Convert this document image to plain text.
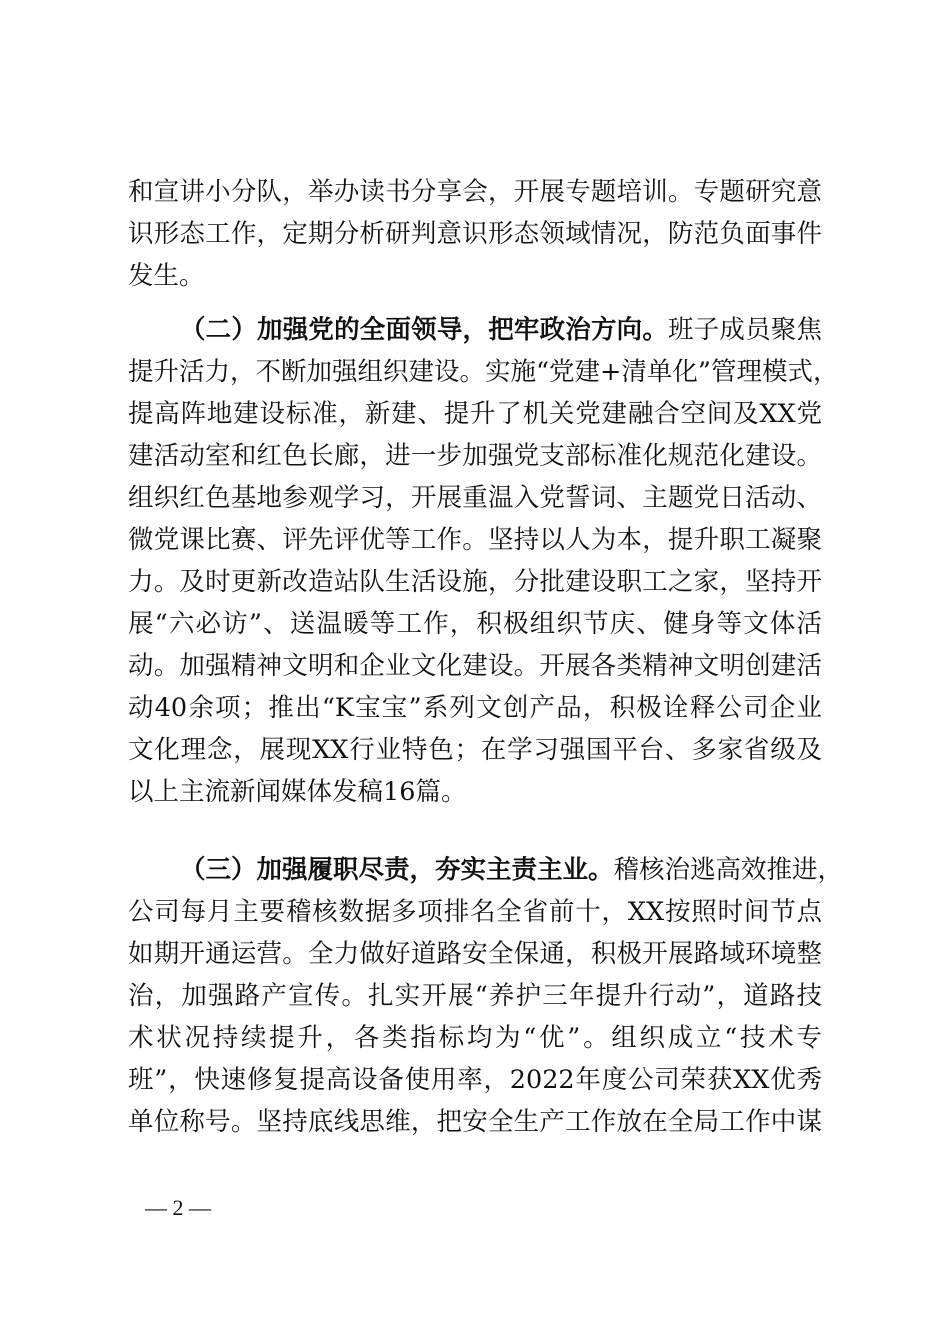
和宣讲小分队，举办读书分享会，开展专题培训。专题研究意
识形态工作，定期分析研判意识形态领域情况，防范负面事件
发生。
（二）加强党的全面领导，把牢政治方向。班子成员聚焦
提升活力，不断加强组织建设。实施“党建+清单化”管理模式，
提高阵地建设标准，新建、提升了机关党建融合空间及XX党
建活动室和红色长廊，进一步加强党支部标准化规范化建设。
组织红色基地参观学习，开展重温入党誓词、主题党日活动、
微党课比赛、评先评优等工作。坚持以人为本，提升职工凝聚
力。及时更新改造站队生活设施，分批建设职工之家，坚持开
展“六必访”、送温暖等工作，积极组织节庆、健身等文体活
动。加强精神文明和企业文化建设。开展各类精神文明创建活
动40余项；推出“K宝宝”系列文创产品，积极诠释公司企业
文化理念，展现XX行业特色；在学习强国平台、多家省级及
以上主流新闻媒体发稿16篇。
（三）加强履职尽责，夯实主责主业。稽核治逃高效推进，
公司每月主要稽核数据多项排名全省前十，XX按照时间节点
如期开通运营。全力做好道路安全保通，积极开展路域环境整
治，加强路产宣传。扎实开展“养护三年提升行动”，道路技
术状况持续提升，各类指标均为“优”。组织成立“技术专
班”，快速修复提高设备使用率，2022年度公司荣获XX优秀
单位称号。坚持底线思维，把安全生产工作放在全局工作中谋
— 2 —
